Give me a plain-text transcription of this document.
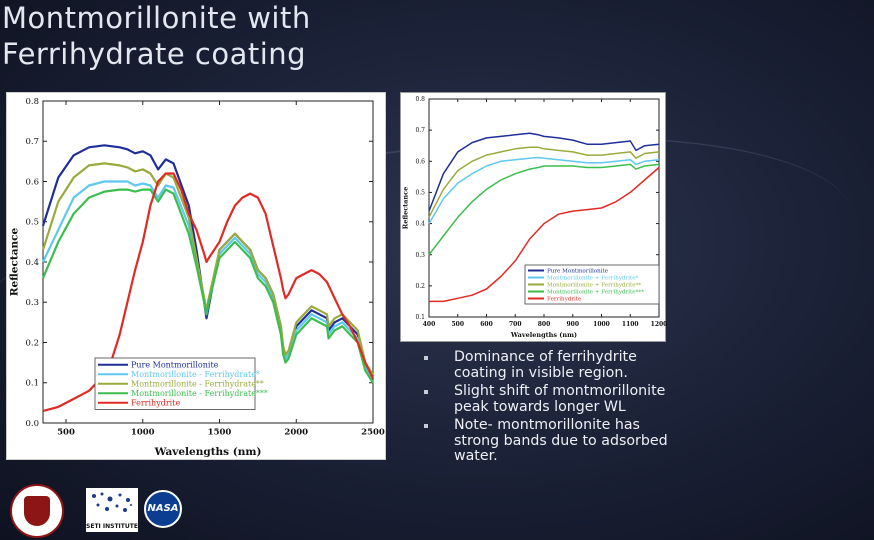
Montmorillonite with
Ferrihydrate coating
0.0
0.1
0.2
0.3
0.4
0.5
0.6
0.7
0.8
500	1000	1500	2000	2500
Wavelengths (nm)
Reflectance
Pure Montmorillonite
Montmorillonite - Ferrihydrate*
Montmorillonite - Ferrihydrate**
Montmorillonite - Ferrihydrate***
Ferrihydrite
0.1
0.2
0.3
0.4
0.5
0.6
0.7
0.8
400	500	600	700	800	900 1000 1100 1200
Wavelengths (nm)
Reflectance
Pure Montmorillonite
Montmorillonite + Ferrihydrite*
Montmorillonite + Ferrihydrite**
Montmorillonite + Ferrihydrite***
Ferrihydrite
Dominance of ferrihydrite coating in visible region.
Slight shift of montmorillonite peak towards longer WL
Note- montmorillonite has strong bands due to adsorbed water.
SETI INSTITUTE
NASA
